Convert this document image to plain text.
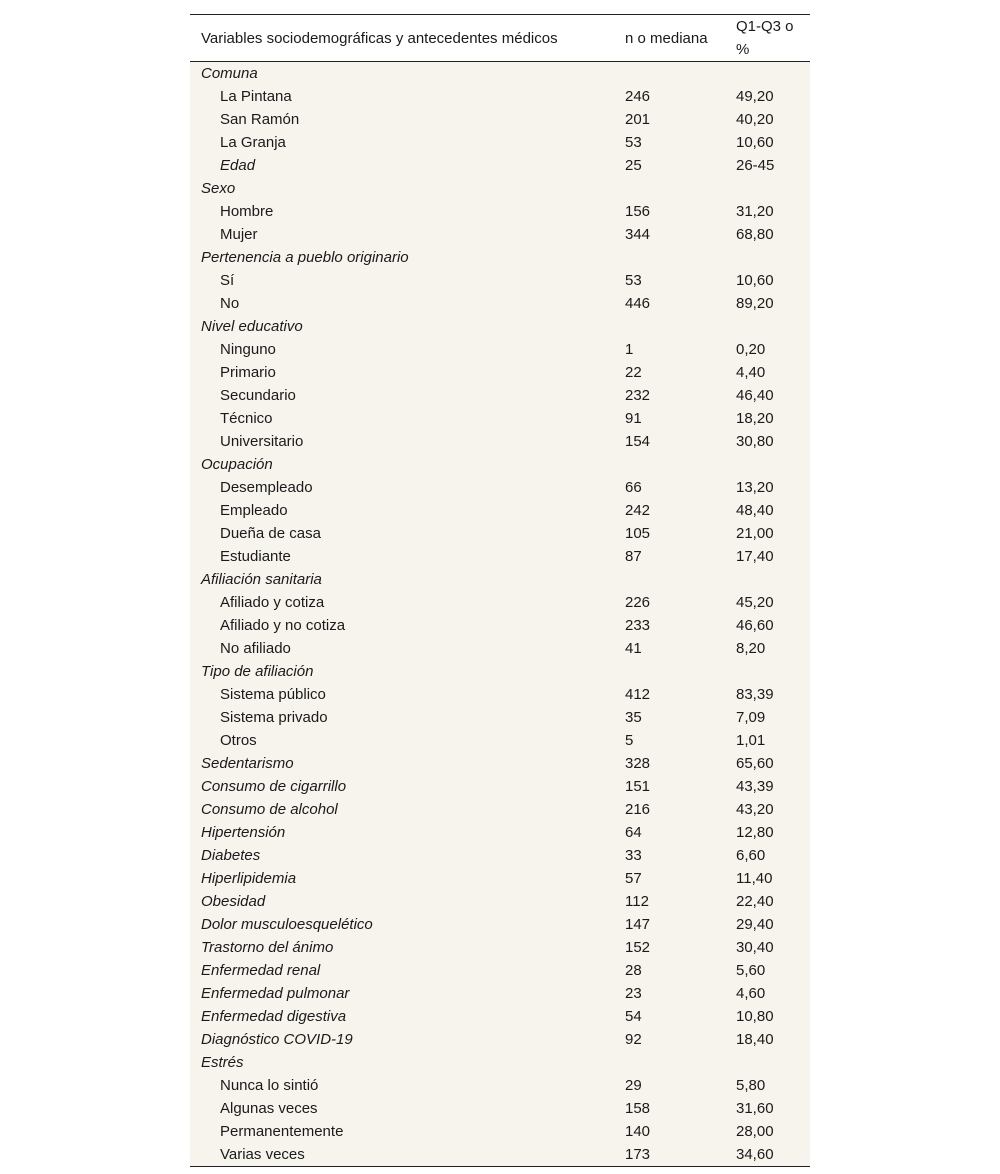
Variables sociodemográficas y antecedentes médicos	n o mediana	Q1-Q3 o %
Comuna		
La Pintana	246	49,20
San Ramón	201	40,20
La Granja	53	10,60
Edad	25	26-45
Sexo		
Hombre	156	31,20
Mujer	344	68,80
Pertenencia a pueblo originario		
Sí	53	10,60
No	446	89,20
Nivel educativo		
Ninguno	1	0,20
Primario	22	4,40
Secundario	232	46,40
Técnico	91	18,20
Universitario	154	30,80
Ocupación		
Desempleado	66	13,20
Empleado	242	48,40
Dueña de casa	105	21,00
Estudiante	87	17,40
Afiliación sanitaria		
Afiliado y cotiza	226	45,20
Afiliado y no cotiza	233	46,60
No afiliado	41	8,20
Tipo de afiliación		
Sistema público	412	83,39
Sistema privado	35	7,09
Otros	5	1,01
Sedentarismo	328	65,60
Consumo de cigarrillo	151	43,39
Consumo de alcohol	216	43,20
Hipertensión	64	12,80
Diabetes	33	6,60
Hiperlipidemia	57	11,40
Obesidad	112	22,40
Dolor musculoesquelético	147	29,40
Trastorno del ánimo	152	30,40
Enfermedad renal	28	5,60
Enfermedad pulmonar	23	4,60
Enfermedad digestiva	54	10,80
Diagnóstico COVID-19	92	18,40
Estrés		
Nunca lo sintió	29	5,80
Algunas veces	158	31,60
Permanentemente	140	28,00
Varias veces	173	34,60
